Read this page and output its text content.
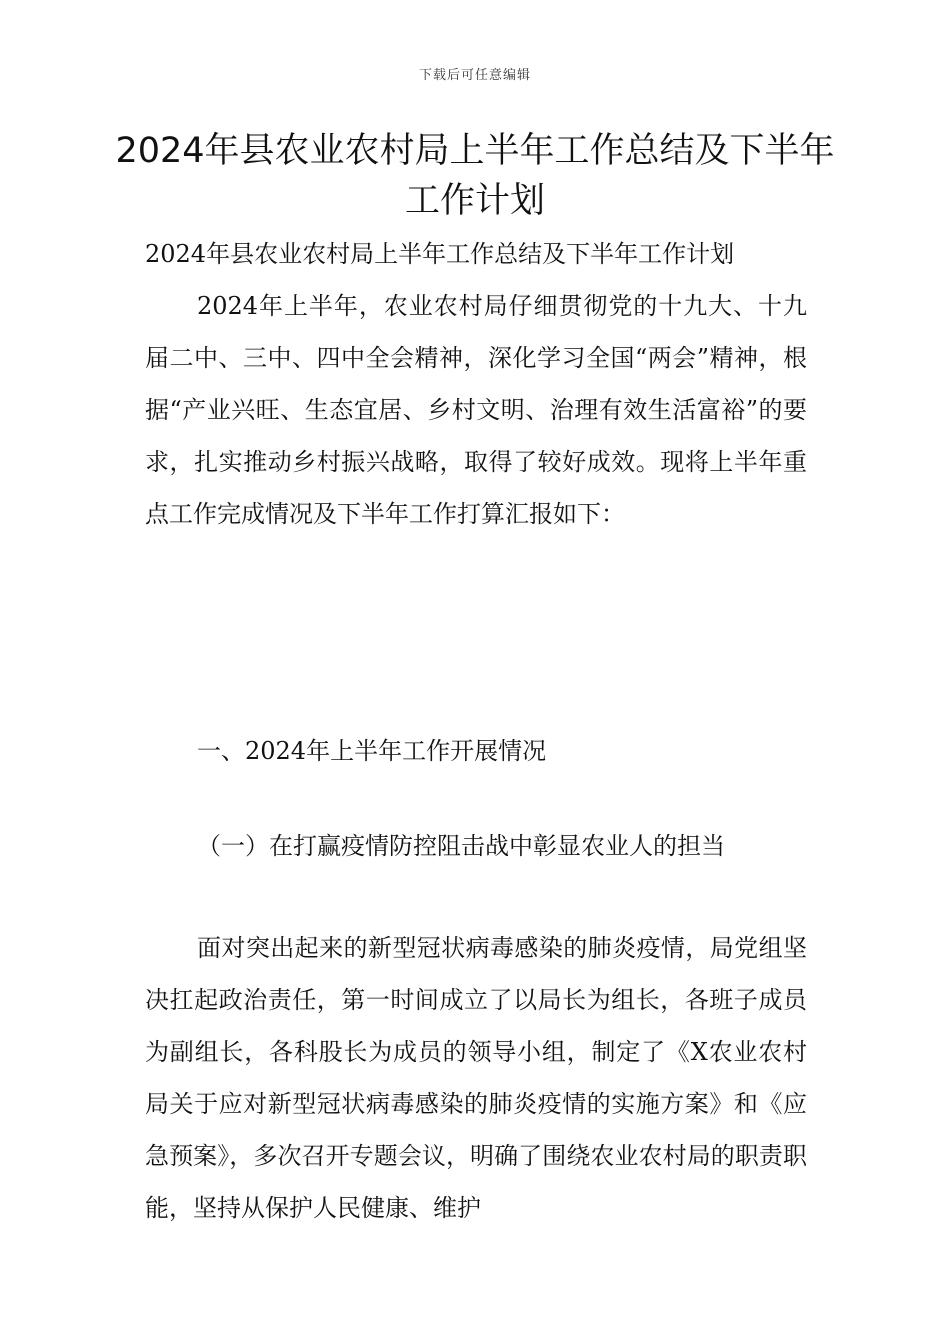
下载后可任意编辑
2024年县农业农村局上半年工作总结及下半年工作计划

2024年县农业农村局上半年工作总结及下半年工作计划

2024年上半年，农业农村局仔细贯彻党的十九大、十九届二中、三中、四中全会精神，深化学习全国“两会”精神，根据“产业兴旺、生态宜居、乡村文明、治理有效生活富裕”的要求，扎实推动乡村振兴战略，取得了较好成效。现将上半年重点工作完成情况及下半年工作打算汇报如下：

一、2024年上半年工作开展情况

（一）在打赢疫情防控阻击战中彰显农业人的担当

面对突出起来的新型冠状病毒感染的肺炎疫情，局党组坚决扛起政治责任，第一时间成立了以局长为组长，各班子成员为副组长，各科股长为成员的领导小组，制定了《X农业农村局关于应对新型冠状病毒感染的肺炎疫情的实施方案》和《应急预案》，多次召开专题会议，明确了围绕农业农村局的职责职能，坚持从保护人民健康、维护
